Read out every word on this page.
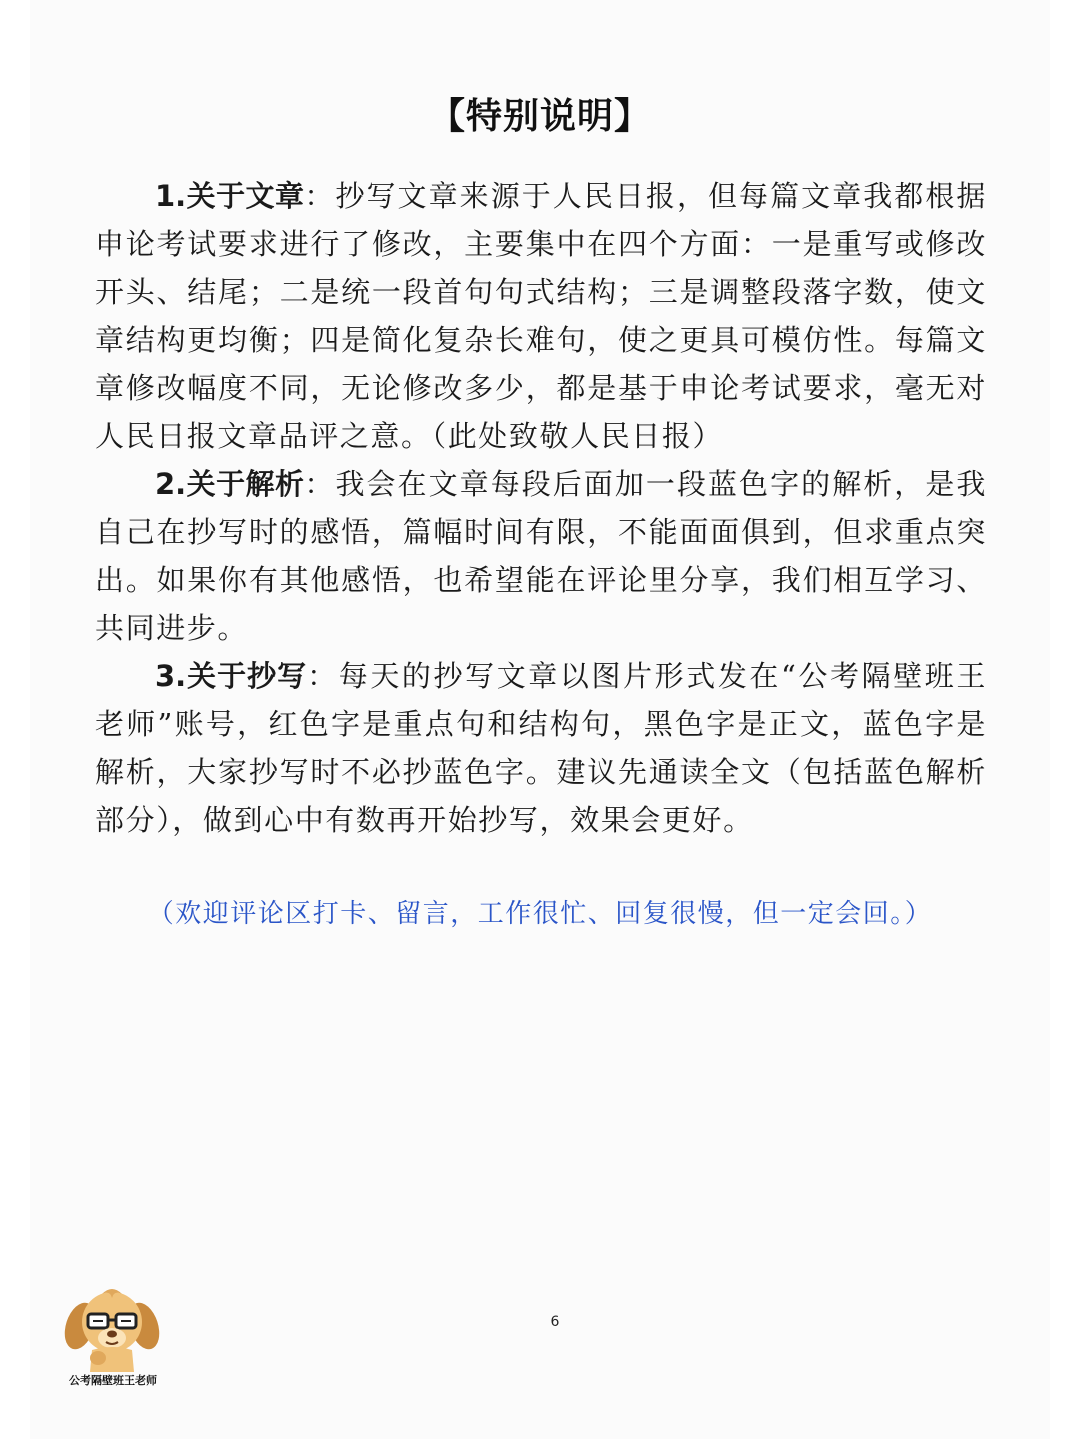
【特别说明】

1.关于文章：抄写文章来源于人民日报，但每篇文章我都根据申论考试要求进行了修改，主要集中在四个方面：一是重写或修改开头、结尾；二是统一段首句句式结构；三是调整段落字数，使文章结构更均衡；四是简化复杂长难句，使之更具可模仿性。每篇文章修改幅度不同，无论修改多少，都是基于申论考试要求，毫无对人民日报文章品评之意。（此处致敬人民日报）

2.关于解析：我会在文章每段后面加一段蓝色字的解析，是我自己在抄写时的感悟，篇幅时间有限，不能面面俱到，但求重点突出。如果你有其他感悟，也希望能在评论里分享，我们相互学习、共同进步。

3.关于抄写：每天的抄写文章以图片形式发在“公考隔壁班王老师”账号，红色字是重点句和结构句，黑色字是正文，蓝色字是解析，大家抄写时不必抄蓝色字。建议先通读全文（包括蓝色解析部分），做到心中有数再开始抄写，效果会更好。

（欢迎评论区打卡、留言，工作很忙、回复很慢，但一定会回。）
6
公考隔壁班王老师
